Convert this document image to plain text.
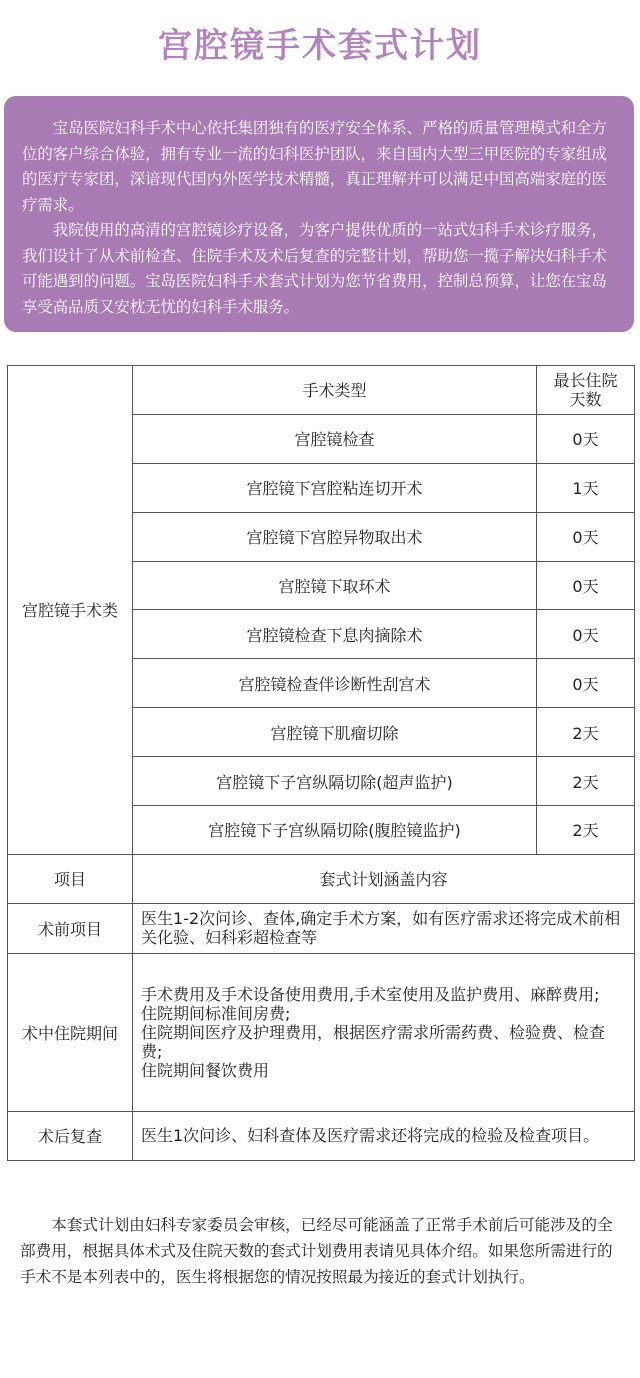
宫腔镜手术套式计划

宝岛医院妇科手术中心依托集团独有的医疗安全体系、严格的质量管理模式和全方位的客户综合体验，拥有专业一流的妇科医护团队，来自国内大型三甲医院的专家组成的医疗专家团，深谙现代国内外医学技术精髓，真正理解并可以满足中国高端家庭的医疗需求。

我院使用的高清的宫腔镜诊疗设备，为客户提供优质的一站式妇科手术诊疗服务，我们设计了从术前检查、住院手术及术后复查的完整计划，帮助您一揽子解决妇科手术可能遇到的问题。宝岛医院妇科手术套式计划为您节省费用，控制总预算，让您在宝岛享受高品质又安枕无忧的妇科手术服务。

宫腔镜手术类	手术类型	最长住院天数
	宫腔镜检查	0天
	宫腔镜下宫腔粘连切开术	1天
	宫腔镜下宫腔异物取出术	0天
	宫腔镜下取环术	0天
	宫腔镜检查下息肉摘除术	0天
	宫腔镜检查伴诊断性刮宫术	0天
	宫腔镜下肌瘤切除	2天
	宫腔镜下子宫纵隔切除(超声监护)	2天
	宫腔镜下子宫纵隔切除(腹腔镜监护)	2天
项目	套式计划涵盖内容	
术前项目	医生1-2次问诊、查体,确定手术方案，如有医疗需求还将完成术前相关化验、妇科彩超检查等	
术中住院期间	手术费用及手术设备使用费用,手术室使用及监护费用、麻醉费用;
住院期间标准间房费;
住院期间医疗及护理费用，根据医疗需求所需药费、检验费、检查费;
住院期间餐饮费用	

术后复查	医生1次问诊、妇科查体及医疗需求还将完成的检验及检查项目。	

本套式计划由妇科专家委员会审核，已经尽可能涵盖了正常手术前后可能涉及的全部费用，根据具体术式及住院天数的套式计划费用表请见具体介绍。如果您所需进行的手术不是本列表中的，医生将根据您的情况按照最为接近的套式计划执行。
